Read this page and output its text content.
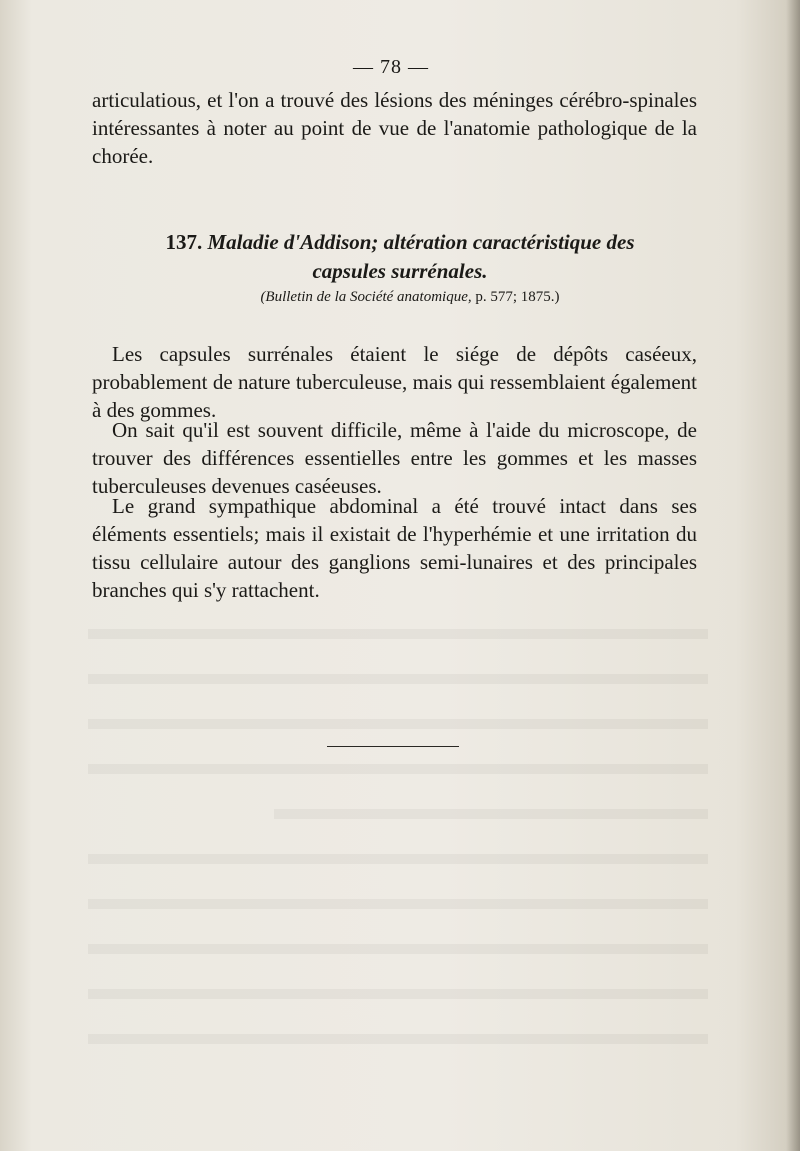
— 78 —

articulatious, et l'on a trouvé des lésions des méninges cérébro-spinales intéressantes à noter au point de vue de l'anatomie pathologique de la chorée.

137. Maladie d'Addison; altération caractéristique des capsules surrénales.
(Bulletin de la Société anatomique, p. 577; 1875.)

Les capsules surrénales étaient le siége de dépôts caséeux, probablement de nature tuberculeuse, mais qui ressemblaient également à des gommes.

On sait qu'il est souvent difficile, même à l'aide du microscope, de trouver des différences essentielles entre les gommes et les masses tuberculeuses devenues caséeuses.

Le grand sympathique abdominal a été trouvé intact dans ses éléments essentiels; mais il existait de l'hyperhémie et une irritation du tissu cellulaire autour des ganglions semi-lunaires et des principales branches qui s'y rattachent.
